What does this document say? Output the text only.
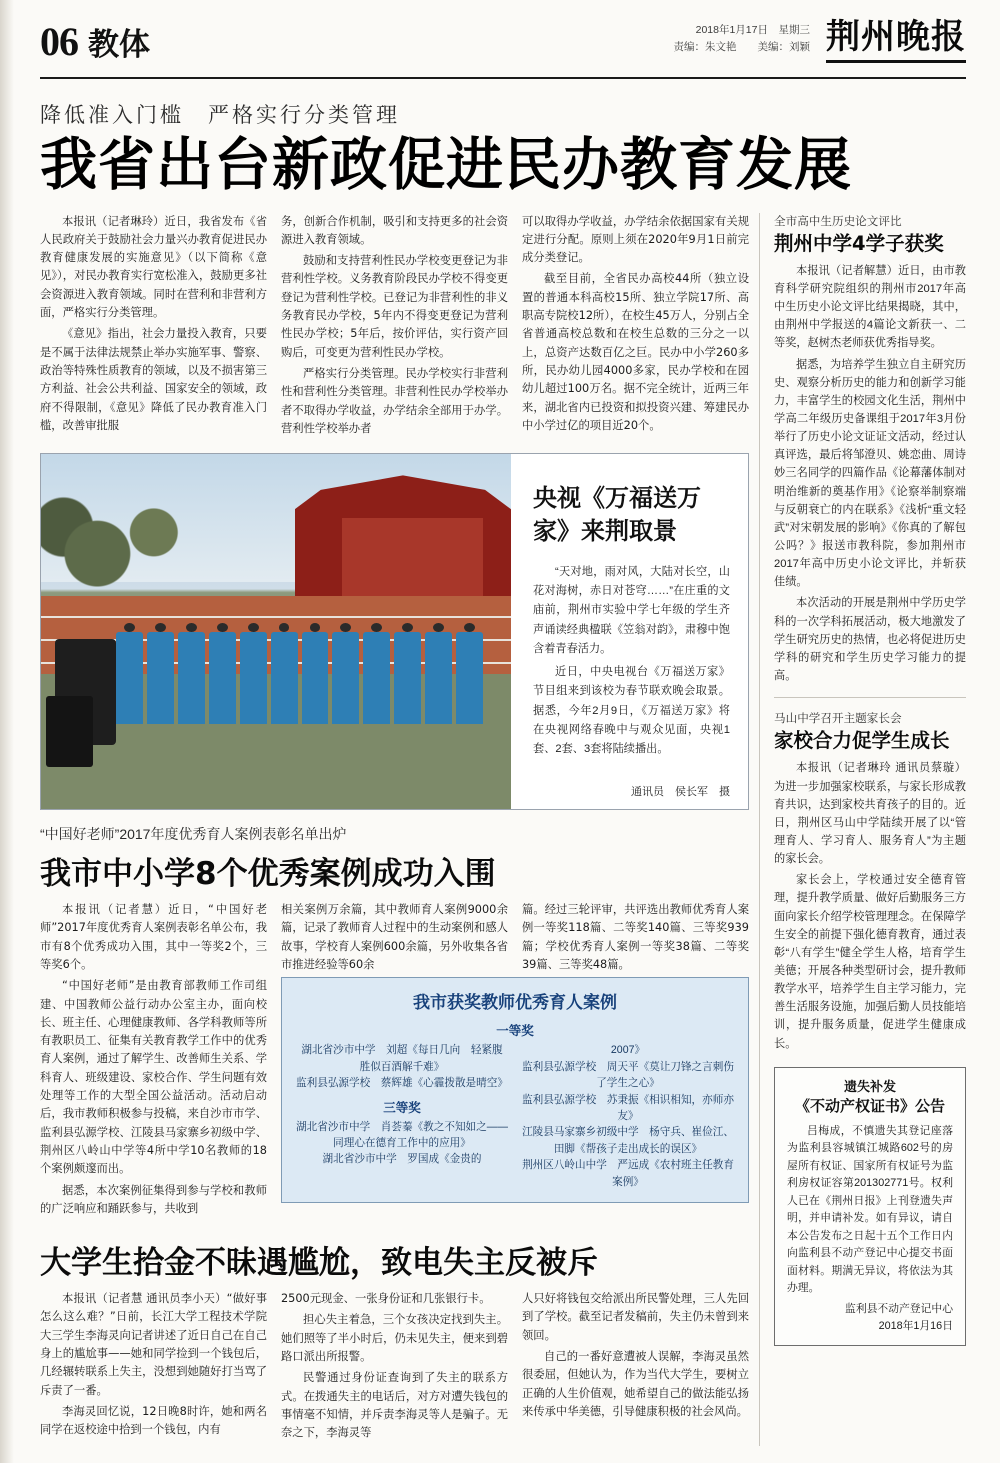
06 教体	2018年1月17日　星期三
责编：朱文艳　　美编：刘颖 荆州晚报
降低准入门槛　严格实行分类管理
我省出台新政促进民办教育发展

本报讯（记者琳玲）近日，我省发布《省人民政府关于鼓励社会力量兴办教育促进民办教育健康发展的实施意见》（以下简称《意见》），对民办教育实行宽松准入，鼓励更多社会资源进入教育领域。同时在营利和非营利方面，严格实行分类管理。

《意见》指出，社会力量投入教育，只要是不属于法律法规禁止举办实施军事、警察、政治等特殊性质教育的领域，以及不损害第三方利益、社会公共利益、国家安全的领域，政府不得限制，《意见》降低了民办教育准入门槛，改善审批服

务，创新合作机制，吸引和支持更多的社会资源进入教育领域。

鼓励和支持营利性民办学校变更登记为非营利性学校。义务教育阶段民办学校不得变更登记为营利性学校。已登记为非营利性的非义务教育民办学校，5年内不得变更登记为营利性民办学校；5年后，按价评估，实行资产回购后，可变更为营利性民办学校。

严格实行分类管理。民办学校实行非营利性和营利性分类管理。非营利性民办学校举办者不取得办学收益，办学结余全部用于办学。营利性学校举办者

可以取得办学收益，办学结余依据国家有关规定进行分配。原则上须在2020年9月1日前完成分类登记。

截至目前，全省民办高校44所（独立设置的普通本科高校15所、独立学院17所、高职高专院校12所），在校生45万人，分别占全省普通高校总数和在校生总数的三分之一以上，总资产达数百亿之巨。民办中小学260多所，民办幼儿园4000多家，民办学校和在园幼儿超过100万名。据不完全统计，近两三年来，湖北省内已投资和拟投资兴建、筹建民办中小学过亿的项目近20个。

央视《万福送万家》来荆取景

“天对地，雨对风，大陆对长空，山花对海树，赤日对苍穹……”在庄重的文庙前，荆州市实验中学七年级的学生齐声诵读经典楹联《笠翁对韵》，肃穆中饱含着青春活力。

近日，中央电视台《万福送万家》节目组来到该校为春节联欢晚会取景。据悉，今年2月9日，《万福送万家》将在央视网络春晚中与观众见面，央视1套、2套、3套将陆续播出。

通讯员　侯长军　摄
“中国好老师”2017年度优秀育人案例表彰名单出炉
我市中小学8个优秀案例成功入围

本报讯（记者慧）近日，“中国好老师”2017年度优秀育人案例表彰名单公布，我市有8个优秀成功入围，其中一等奖2个，三等奖6个。

“中国好老师”是由教育部教师工作司组建、中国教师公益行动办公室主办，面向校长、班主任、心理健康教师、各学科教师等所有教职员工、征集有关教育教学工作中的优秀育人案例，通过了解学生、改善师生关系、学科育人、班级建设、家校合作、学生问题有效处理等工作的大型全国公益活动。活动启动后，我市教师积极参与投稿，来自沙市市学、监利县弘源学校、江陵县马家寨乡初级中学、荆州区八岭山中学等4所中学10名教师的18个案例颇邃而出。

据悉，本次案例征集得到参与学校和教师的广泛响应和踊跃参与，共收到

相关案例万余篇，其中教师育人案例9000余篇，记录了教师育人过程中的生动案例和感人故事，学校育人案例600余篇，另外收集各省市推进经验等60余

篇。经过三轮评审，共评选出教师优秀育人案例一等奖118篇、二等奖140篇、三等奖939篇；学校优秀育人案例一等奖38篇、二等奖39篇、三等奖48篇。

我市获奖教师优秀育人案例
一等奖
湖北省沙市中学　刘超《每日几向　轻紧腹　胜似百酒解千难》
监利县弘源学校　蔡辉雄《心霾拨散是晴空》
三等奖
湖北省沙市中学　肖荟蓁《教之不知如之——同理心在德育工作中的应用》
湖北省沙市中学　罗国成《金贵的
2007》
监利县弘源学校　周天平《莫让刀锋之言刺伤了学生之心》
监利县弘源学校　苏秉振《相识相知，亦师亦友》
江陵县马家寨乡初级中学　杨守兵、崔俭江、田脚《帮孩子走出成长的误区》
荆州区八岭山中学　严远成《农村班主任教育案例》
大学生拾金不昧遇尴尬，致电失主反被斥

本报讯（记者慧 通讯员李小天）“做好事怎么这么难？”日前，长江大学工程技术学院大三学生李海灵向记者讲述了近日自己在自己身上的尴尬事——她和同学捡到一个钱包后，几经辗转联系上失主，没想到她随好打当骂了斥责了一番。

李海灵回忆说，12日晚8时许，她和两名同学在返校途中拾到一个钱包，内有

2500元现金、一张身份证和几张银行卡。

担心失主着急，三个女孩决定找到失主。她们照等了半小时后，仍未见失主，便来到碧路口派出所报警。

民警通过身份证查询到了失主的联系方式。在拨通失主的电话后，对方对遭失钱包的事情毫不知情，并斥责李海灵等人是骗子。无奈之下，李海灵等

人只好将钱包交给派出所民警处理，三人先回到了学校。截至记者发稿前，失主仍未曾到来领回。

自己的一番好意遭被人误解，李海灵虽然很委屈，但她认为，作为当代大学生，要树立正确的人生价值观，她希望自己的做法能弘扬来传承中华美德，引导健康积极的社会风尚。

全市高中生历史论文评比
荆州中学4学子获奖

本报讯（记者解慧）近日，由市教育科学研究院组织的荆州市2017年高中生历史小论文评比结果揭晓，其中，由荆州中学报送的4篇论文新获一、二等奖，赵树杰老师获优秀指导奖。

据悉，为培养学生独立自主研究历史、观察分析历史的能力和创新学习能力，丰富学生的校园文化生活，荆州中学高二年级历史备课组于2017年3月份举行了历史小论文证证文活动，经过认真评选，最后将邹澄贝、姚恋曲、周诗妙三名同学的四篇作品《论幕藩体制对明治维新的奠基作用》《论察举制察端与反朝衰亡的内在联系》《浅析“重文轻武”对宋朝发展的影响》《你真的了解包公吗？》报送市教科院，参加荆州市2017年高中历史小论文评比，并斩获佳绩。

本次活动的开展是荆州中学历史学科的一次学科拓展活动，极大地激发了学生研究历史的热情，也必将促进历史学科的研究和学生历史学习能力的提高。

马山中学召开主题家长会
家校合力促学生成长

本报讯（记者琳玲 通讯员蔡璇）为进一步加强家校联系，与家长形成教育共识，达到家校共育孩子的目的。近日，荆州区马山中学陆续开展了以“管理育人、学习育人、服务育人”为主题的家长会。

家长会上，学校通过安全德育管理，提升教学质量、做好后勤服务三方面向家长介绍学校管理理念。在保障学生安全的前提下强化德育教育，通过表彰“八有学生”健全学生人格，培育学生美德；开展各种类型研讨会，提升教师教学水平，培养学生自主学习能力，完善生活服务设施，加强后勤人员技能培训，提升服务质量，促进学生健康成长。

遗失补发
《不动产权证书》公告

吕梅成，不慎遗失其登记座落为监利县容城镇江城路602号的房屋所有权证、国家所有权证号为监利房权证容第201302771号。权利人已在《荆州日报》上刊登遗失声明，并申请补发。如有异议，请自本公告发布之日起十五个工作日内向监利县不动产登记中心提交书面面材料。期满无异议，将依法为其办理。

监利县不动产登记中心
2018年1月16日
